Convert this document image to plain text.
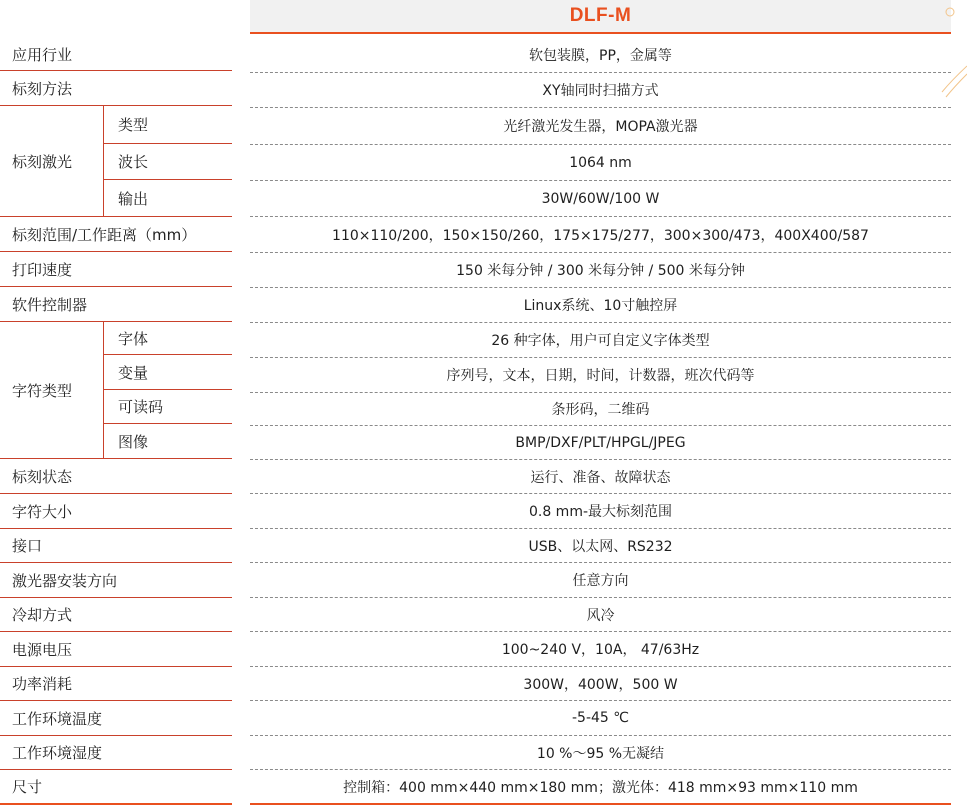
DLF-M
应用行业
标刻方法
标刻激光
类型
波长
输出
标刻范围/工作距离（mm）
打印速度
软件控制器
字符类型
字体
变量
可读码
图像
标刻状态
字符大小
接口
激光器安装方向
冷却方式
电源电压
功率消耗
工作环境温度
工作环境湿度
尺寸
软包装膜，PP，金属等
XY轴同时扫描方式
光纤激光发生器，MOPA激光器
1064 nm
30W/60W/100 W
110×110/200，150×150/260，175×175/277，300×300/473，400X400/587
150 米每分钟 / 300 米每分钟 / 500 米每分钟
Linux系统、10寸触控屏
26 种字体，用户可自定义字体类型
序列号，文本，日期，时间，计数器，班次代码等
条形码，二维码
BMP/DXF/PLT/HPGL/JPEG
运行、准备、故障状态
0.8 mm-最大标刻范围
USB、以太网、RS232
任意方向
风冷
100~240 V，10A， 47/63Hz
300W，400W，500 W
-5-45 ℃
10 %～95 %无凝结
控制箱：400 mm×440 mm×180 mm；激光体：418 mm×93 mm×110 mm
